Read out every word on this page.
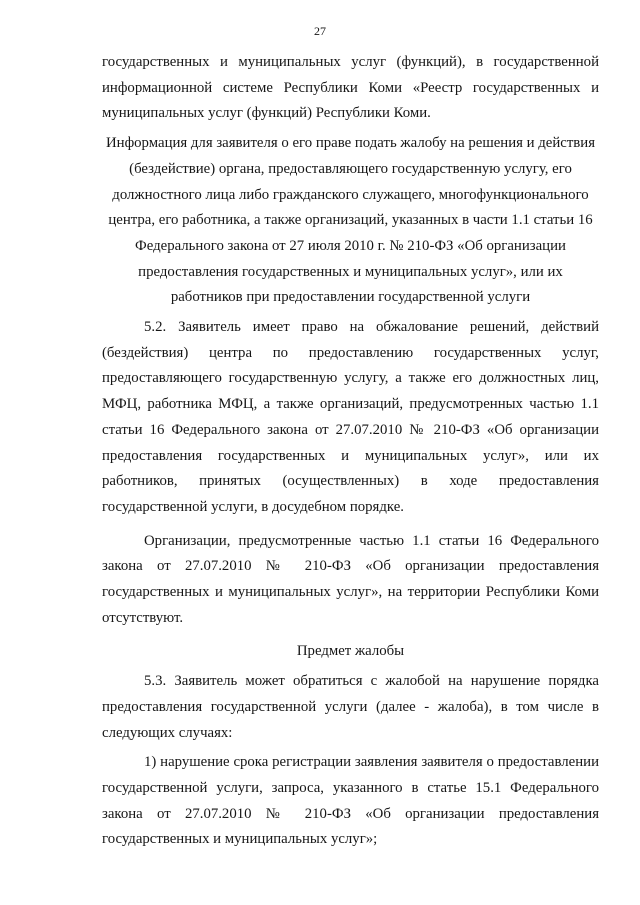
27

государственных и муниципальных услуг (функций), в государственной информационной системе Республики Коми «Реестр государственных и муниципальных услуг (функций) Республики Коми.

Информация для заявителя о его праве подать жалобу на решения и действия

(бездействие) органа, предоставляющего государственную услугу, его

должностного лица либо гражданского служащего, многофункционального

центра, его работника, а также организаций, указанных в части 1.1 статьи 16

Федерального закона от 27 июля 2010 г. № 210-ФЗ «Об организации

предоставления государственных и муниципальных услуг», или их

работников при предоставлении государственной услуги

5.2. Заявитель имеет право на обжалование решений, действий (бездействия) центра по предоставлению государственных услуг, предоставляющего государственную услугу, а также его должностных лиц, МФЦ, работника МФЦ, а также организаций, предусмотренных частью 1.1 статьи 16 Федерального закона от 27.07.2010 № 210-ФЗ «Об организации предоставления государственных и муниципальных услуг», или их работников, принятых (осуществленных) в ходе предоставления государственной услуги, в досудебном порядке.

Организации, предусмотренные частью 1.1 статьи 16 Федерального закона от 27.07.2010 № 210-ФЗ «Об организации предоставления государственных и муниципальных услуг», на территории Республики Коми отсутствуют.

Предмет жалобы

5.3. Заявитель может обратиться с жалобой на нарушение порядка предоставления государственной услуги (далее - жалоба), в том числе в следующих случаях:

1) нарушение срока регистрации заявления заявителя о предоставлении государственной услуги, запроса, указанного в статье 15.1 Федерального закона от 27.07.2010 № 210-ФЗ «Об организации предоставления государственных и муниципальных услуг»;
